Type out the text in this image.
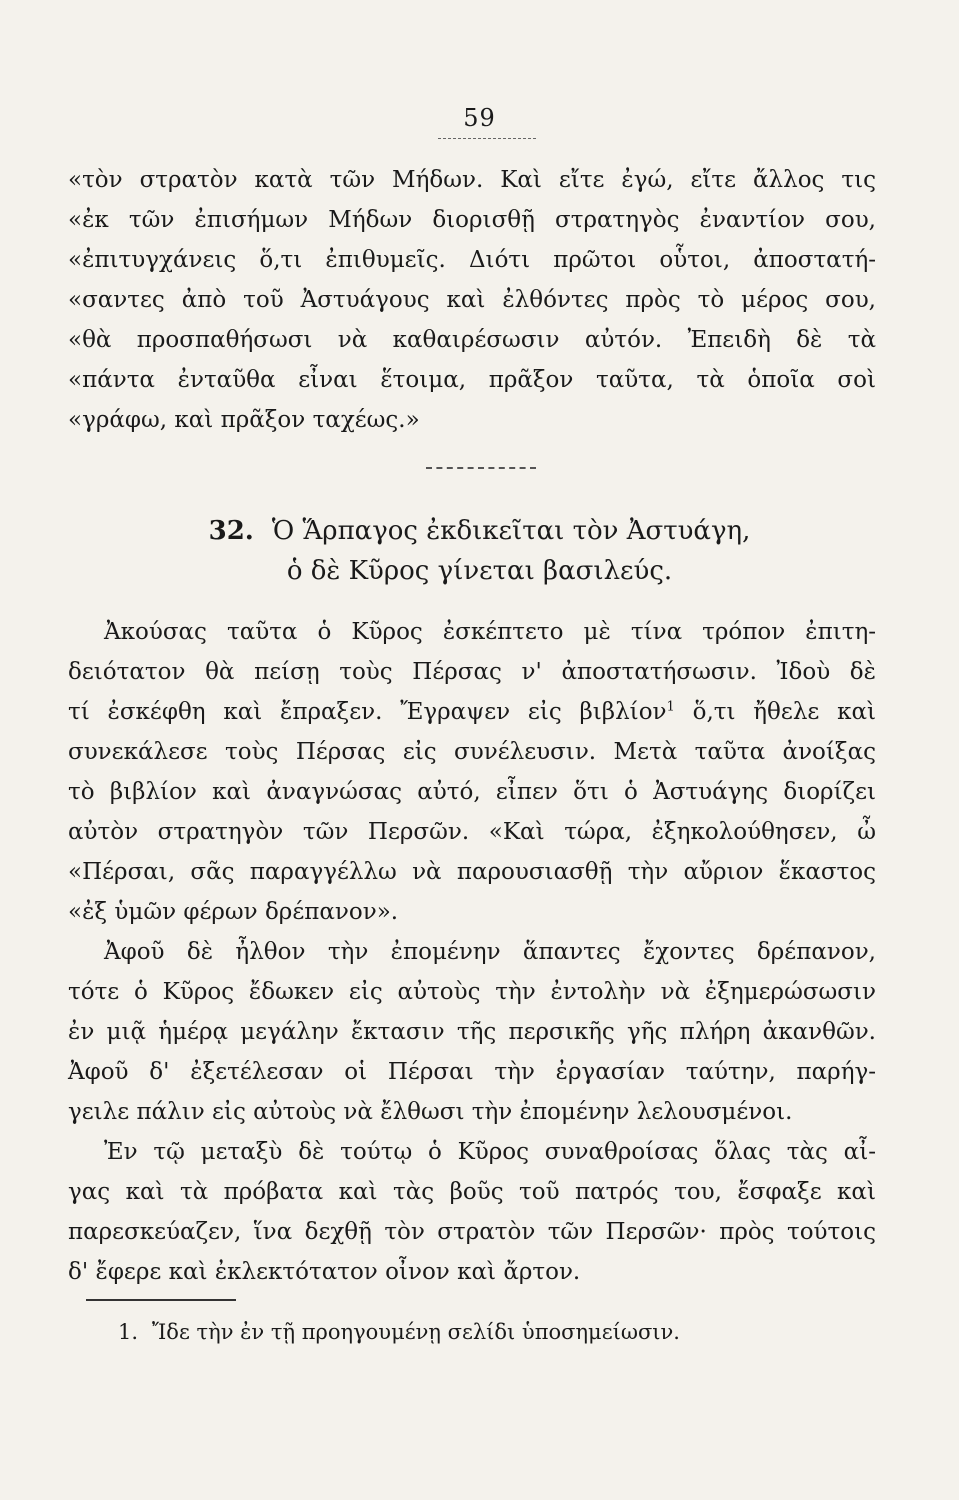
59
«τὸν στρατὸν κατὰ τῶν Μήδων. Καὶ εἴτε ἐγώ, εἴτε ἄλλος τις
«ἐκ τῶν ἐπισήμων Μήδων διορισθῇ στρατηγὸς ἐναντίον σου,
«ἐπιτυγχάνεις ὅ,τι ἐπιθυμεῖς. Διότι πρῶτοι οὗτοι, ἀποστατή-
«σαντες ἀπὸ τοῦ Ἀστυάγους καὶ ἐλθόντες πρὸς τὸ μέρος σου,
«θὰ προσπαθήσωσι νὰ καθαιρέσωσιν αὐτόν. Ἐπειδὴ δὲ τὰ
«πάντα ἐνταῦθα εἶναι ἕτοιμα, πρᾶξον ταῦτα, τὰ ὁποῖα σοὶ
«γράφω, καὶ πρᾶξον ταχέως.»
32. Ὁ Ἅρπαγος ἐκδικεῖται τὸν Ἀστυάγη,
ὁ δὲ Κῦρος γίνεται βασιλεύς.
Ἀκούσας ταῦτα ὁ Κῦρος ἐσκέπτετο μὲ τίνα τρόπον ἐπιτη-
δειότατον θὰ πείσῃ τοὺς Πέρσας ν' ἀποστατήσωσιν. Ἰδοὺ δὲ
τί ἐσκέφθη καὶ ἔπραξεν. Ἔγραψεν εἰς βιβλίον$^1$ ὅ,τι ἤθελε καὶ
συνεκάλεσε τοὺς Πέρσας εἰς συνέλευσιν. Μετὰ ταῦτα ἀνοίξας
τὸ βιβλίον καὶ ἀναγνώσας αὐτό, εἶπεν ὅτι ὁ Ἀστυάγης διορίζει
αὐτὸν στρατηγὸν τῶν Περσῶν. «Καὶ τώρα, ἐξηκολούθησεν, ὦ
«Πέρσαι, σᾶς παραγγέλλω νὰ παρουσιασθῇ τὴν αὔριον ἕκαστος
«ἐξ ὑμῶν φέρων δρέπανον».
Ἀφοῦ δὲ ἦλθον τὴν ἐπομένην ἅπαντες ἔχοντες δρέπανον,
τότε ὁ Κῦρος ἔδωκεν εἰς αὐτοὺς τὴν ἐντολὴν νὰ ἐξημερώσωσιν
ἐν μιᾷ ἡμέρᾳ μεγάλην ἔκτασιν τῆς περσικῆς γῆς πλήρη ἀκανθῶν.
Ἀφοῦ δ' ἐξετέλεσαν οἱ Πέρσαι τὴν ἐργασίαν ταύτην, παρήγ-
γειλε πάλιν εἰς αὐτοὺς νὰ ἔλθωσι τὴν ἐπομένην λελουσμένοι.
Ἐν τῷ μεταξὺ δὲ τούτῳ ὁ Κῦρος συναθροίσας ὅλας τὰς αἶ-
γας καὶ τὰ πρόβατα καὶ τὰς βοῦς τοῦ πατρός του, ἔσφαξε καὶ
παρεσκεύαζεν, ἵνα δεχθῇ τὸν στρατὸν τῶν Περσῶν· πρὸς τούτοις
δ' ἔφερε καὶ ἐκλεκτότατον οἶνον καὶ ἄρτον.
1. Ἴδε τὴν ἐν τῇ προηγουμένῃ σελίδι ὑποσημείωσιν.
